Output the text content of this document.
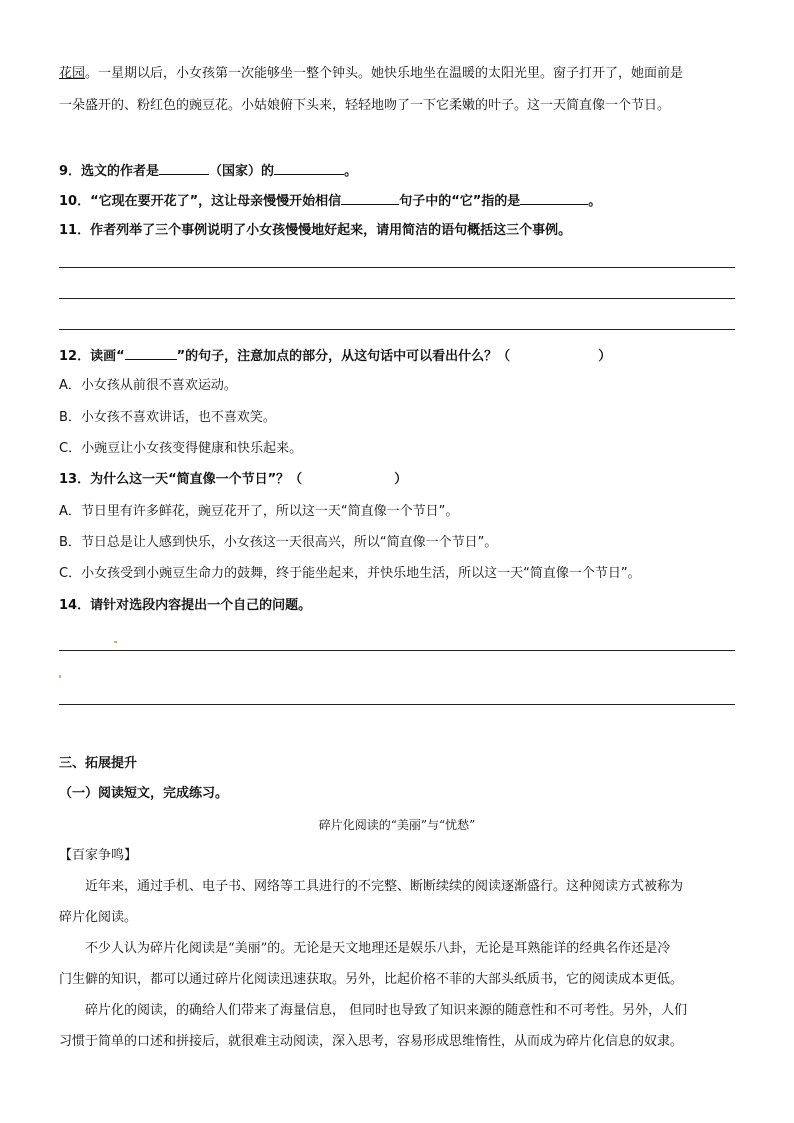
花园。一星期以后，小女孩第一次能够坐一整个钟头。她快乐地坐在温暖的太阳光里。窗子打开了，她面前是
一朵盛开的、粉红色的豌豆花。小姑娘俯下头来，轻轻地吻了一下它柔嫩的叶子。这一天简直像一个节日。
9．选文的作者是	（国家）的	。
10．“它现在要开花了”，这让母亲慢慢开始相信	句子中的“它”指的是	。
11．作者列举了三个事例说明了小女孩慢慢地好起来，请用简洁的语句概括这三个事例。
12．读画“	”的句子，注意加点的部分，从这句话中可以看出什么？（	）
A．小女孩从前很不喜欢运动。
B．小女孩不喜欢讲话，也不喜欢笑。
C．小豌豆让小女孩变得健康和快乐起来。
13．为什么这一天“简直像一个节日”？（	）
A．节日里有许多鲜花，豌豆花开了，所以这一天“简直像一个节日”。
B．节日总是让人感到快乐，小女孩这一天很高兴，所以“简直像一个节日”。
C．小女孩受到小豌豆生命力的鼓舞，终于能坐起来，并快乐地生活，所以这一天“简直像一个节日”。
14．请针对选段内容提出一个自己的问题。
三、拓展提升
（一）阅读短文，完成练习。
碎片化阅读的“美丽”与“忧愁”
【百家争鸣】
近年来，通过手机、电子书、网络等工具进行的不完整、断断续续的阅读逐渐盛行。这种阅读方式被称为
碎片化阅读。
不少人认为碎片化阅读是“美丽”的。无论是天文地理还是娱乐八卦，无论是耳熟能详的经典名作还是冷
门生僻的知识，都可以通过碎片化阅读迅速获取。另外，比起价格不菲的大部头纸质书，它的阅读成本更低。
碎片化的阅读，的确给人们带来了海量信息， 但同时也导致了知识来源的随意性和不可考性。另外，人们
习惯于简单的口述和拼接后，就很难主动阅读，深入思考，容易形成思维惰性，从而成为碎片化信息的奴隶。
